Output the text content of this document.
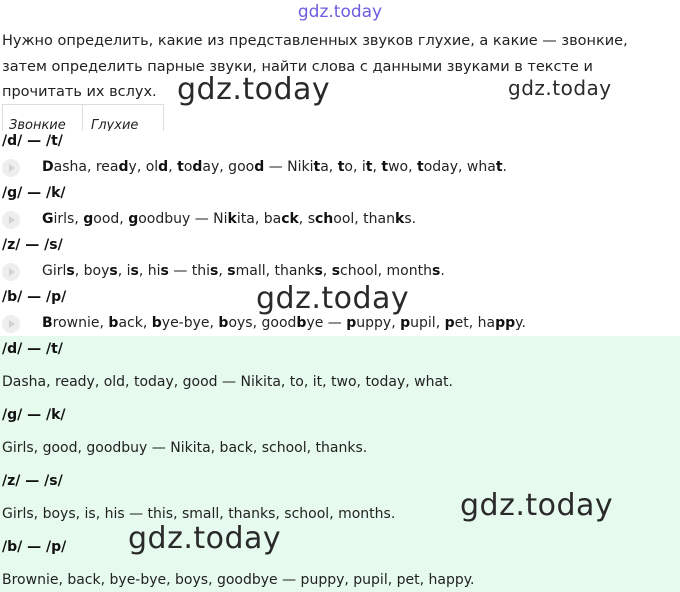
gdz.today
Нужно определить, какие из представленных звуков глухие, а какие — звонкие, затем определить парные звуки, найти слова с данными звуками в тексте и прочитать их вслух.
Звонкие Глухие
/d/ — /t/
Dasha, ready, old, today, good — Nikita, to, it, two, today, what.
/g/ — /k/
Girls, good, goodbuy — Nikita, back, school, thanks.
/z/ — /s/
Girls, boys, is, his — this, small, thanks, school, months.
/b/ — /p/
Brownie, back, bye-bye, boys, goodbye — puppy, pupil, pet, happy.
/d/ — /t/
Dasha, ready, old, today, good — Nikita, to, it, two, today, what.
/g/ — /k/
Girls, good, goodbuy — Nikita, back, school, thanks.
/z/ — /s/
Girls, boys, is, his — this, small, thanks, school, months.
/b/ — /p/
Brownie, back, bye-bye, boys, goodbye — puppy, pupil, pet, happy.
gdz.today	gdz.today
gdz.today
gdz.today
gdz.today
